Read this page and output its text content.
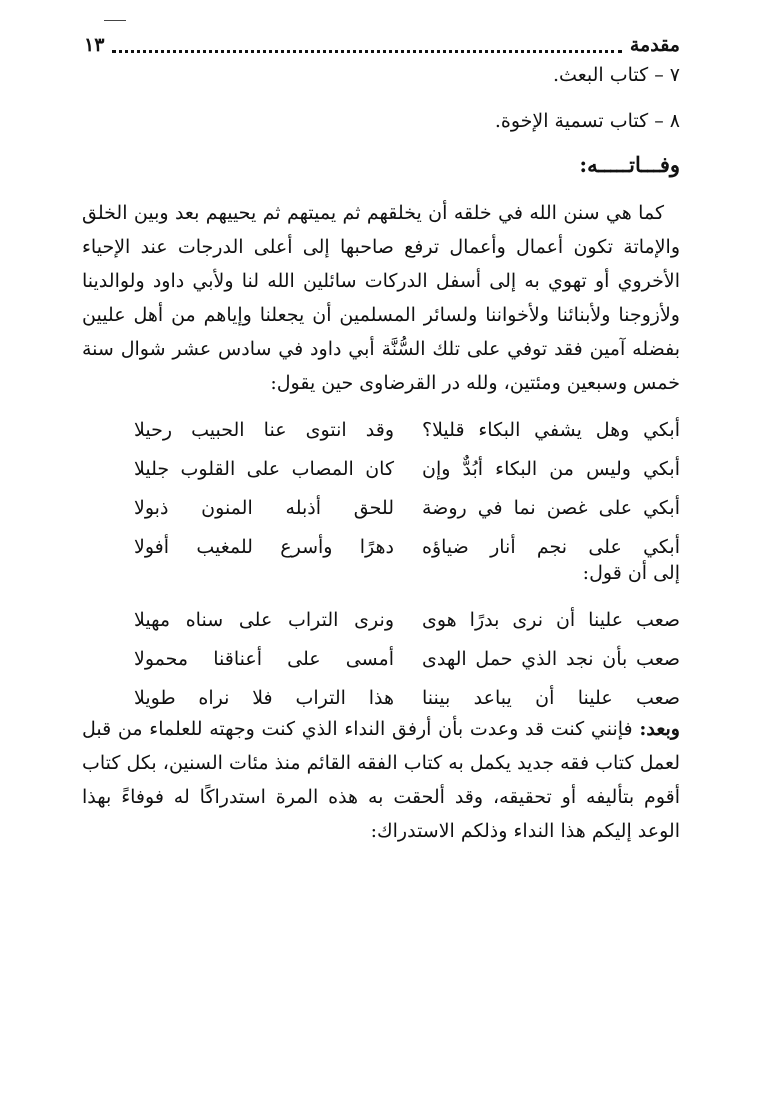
مقدمة
١٣
٧ – كتاب البعث.
٨ – كتاب تسمية الإخوة.
وفـــاتـــــه:
كما هي سنن الله في خلقه أن يخلقهم ثم يميتهم ثم يحييهم بعد وبين الخلق والإماتة تكون أعمال وأعمال ترفع صاحبها إلى أعلى الدرجات عند الإحياء الأخروي أو تهوي به إلى أسفل الدركات سائلين الله لنا ولأبي داود ولوالدينا ولأزوجنا ولأبنائنا ولأخواننا ولسائر المسلمين أن يجعلنا وإياهم من أهل عليين بفضله آمين فقد توفي على تلك السُّنَّة أبي داود في سادس عشر شوال سنة خمس وسبعين ومئتين، ولله در القرضاوى حين يقول:
أبكي وهل يشفي البكاء قليلا؟
وقد انتوى عنا الحبيب رحيلا
أبكي وليس من البكاء أبُدٌّ وإن
كان المصاب على القلوب جليلا
أبكي على غصن نما في روضة
للحق أذبله المنون ذبولا
أبكي على نجم أنار ضياؤه
دهرًا وأسرع للمغيب أفولا
إلى أن قول:
صعب علينا أن نرى بدرًا هوى
ونرى التراب على سناه مهيلا
صعب بأن نجد الذي حمل الهدى
أمسى على أعناقنا محمولا
صعب علينا أن يباعد بيننا
هذا التراب فلا نراه طويلا
وبعد: فإنني كنت قد وعدت بأن أرفق النداء الذي كنت وجهته للعلماء من قبل لعمل كتاب فقه جديد يكمل به كتاب الفقه القائم منذ مئات السنين، بكل كتاب أقوم بتأليفه أو تحقيقه، وقد ألحقت به هذه المرة استدراكًا له فوفاءً بهذا الوعد إليكم هذا النداء وذلكم الاستدراك:
